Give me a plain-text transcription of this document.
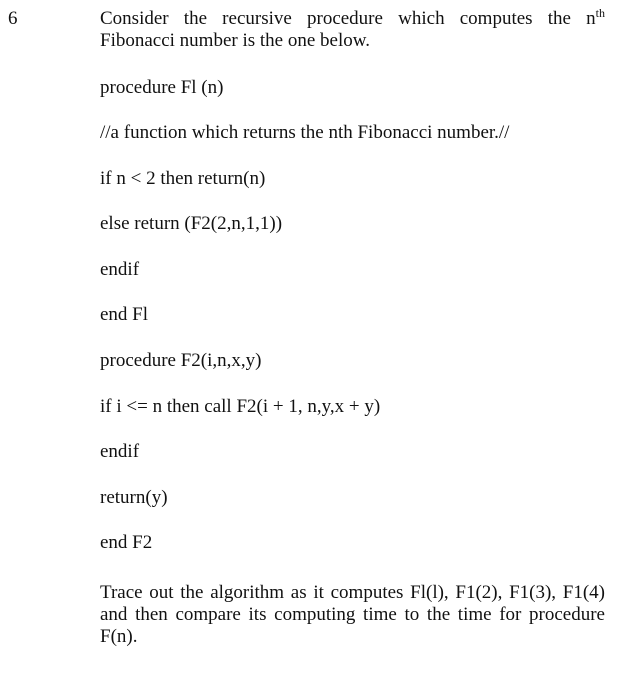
6	Consider the recursive procedure which computes the $n^{th}$ Fibonacci number is the one below.
procedure Fl (n)
//a function which returns the nth Fibonacci number.//
if n < 2 then return(n)
else return (F2(2,n,1,1))
endif
end Fl
procedure F2(i,n,x,y)
if i <= n then call F2(i + 1, n,y,x + y)
endif
return(y)
end F2
Trace out the algorithm as it computes Fl(l), F1(2), F1(3), F1(4) and then compare its computing time to the time for procedure F(n).
